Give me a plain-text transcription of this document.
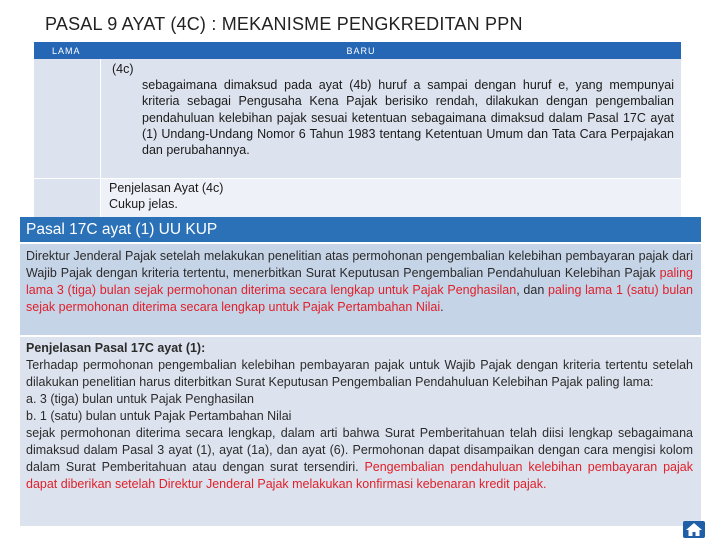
PASAL 9 AYAT (4C) : MEKANISME PENGKREDITAN PPN
LAMA	BARU
(4c)
sebagaimana dimaksud pada ayat (4b) huruf a sampai dengan huruf e, yang mempunyai kriteria sebagai Pengusaha Kena Pajak berisiko rendah, dilakukan dengan pengembalian pendahuluan kelebihan pajak sesuai ketentuan sebagaimana dimaksud dalam Pasal 17C ayat (1) Undang-Undang Nomor 6 Tahun 1983 tentang Ketentuan Umum dan Tata Cara Perpajakan dan perubahannya.
Penjelasan Ayat (4c)
Cukup jelas.
Pasal 17C ayat (1) UU KUP
Direktur Jenderal Pajak setelah melakukan penelitian atas permohonan pengembalian kelebihan pembayaran pajak dari Wajib Pajak dengan kriteria tertentu, menerbitkan Surat Keputusan Pengembalian Pendahuluan Kelebihan Pajak paling lama 3 (tiga) bulan sejak permohonan diterima secara lengkap untuk Pajak Penghasilan, dan paling lama 1 (satu) bulan sejak permohonan diterima secara lengkap untuk Pajak Pertambahan Nilai.
Penjelasan Pasal 17C ayat (1):
Terhadap permohonan pengembalian kelebihan pembayaran pajak untuk Wajib Pajak dengan kriteria tertentu setelah dilakukan penelitian harus diterbitkan Surat Keputusan Pengembalian Pendahuluan Kelebihan Pajak paling lama:
a. 3 (tiga) bulan untuk Pajak Penghasilan
b. 1 (satu) bulan untuk Pajak Pertambahan Nilai
sejak permohonan diterima secara lengkap, dalam arti bahwa Surat Pemberitahuan telah diisi lengkap sebagaimana dimaksud dalam Pasal 3 ayat (1), ayat (1a), dan ayat (6). Permohonan dapat disampaikan dengan cara mengisi kolom dalam Surat Pemberitahuan atau dengan surat tersendiri. Pengembalian pendahuluan kelebihan pembayaran pajak dapat diberikan setelah Direktur Jenderal Pajak melakukan konfirmasi kebenaran kredit pajak.
